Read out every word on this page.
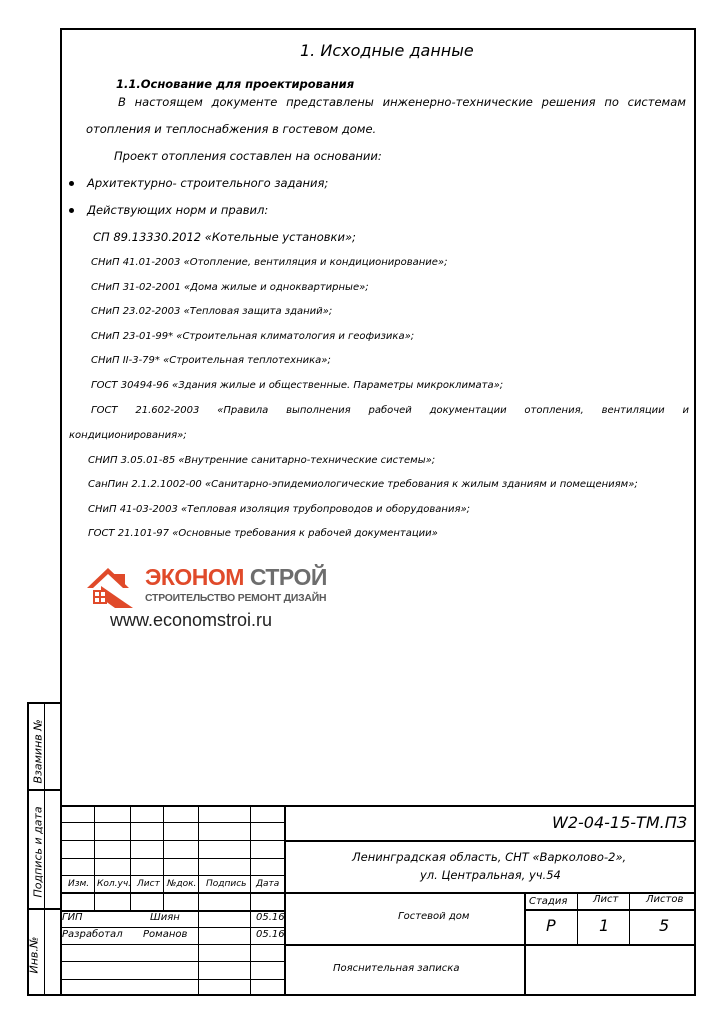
1. Исходные данные
1.1.Основание для проектирования
В настоящем документе представлены инженерно-технические решения по системам
отопления и теплоснабжения в гостевом доме.
Проект отопления составлен на основании:
Архитектурно- строительного задания;
Действующих норм и правил:
СП 89.13330.2012 «Котельные установки»;
СНиП 41.01-2003 «Отопление, вентиляция и кондиционирование»;
СНиП 31-02-2001 «Дома жилые и одноквартирные»;
СНиП 23.02-2003 «Тепловая защита зданий»;
СНиП 23-01-99* «Строительная климатология и геофизика»;
СНиП II-3-79* «Строительная теплотехника»;
ГОСТ 30494-96 «Здания жилые и общественные. Параметры микроклимата»;
ГОСТ 21.602-2003 «Правила выполнения рабочей документации отопления, вентиляции и
кондиционирования»;
СНИП 3.05.01-85 «Внутренние санитарно-технические системы»;
СанПин 2.1.2.1002-00 «Санитарно-эпидемиологические требования к жилым зданиям и помещениям»;
СНиП 41-03-2003 «Тепловая изоляция трубопроводов и оборудования»;
ГОСТ 21.101-97 «Основные требования к рабочей документации»
ЭКОНОМ СТРОЙ
СТРОИТЕЛЬСТВО РЕМОНТ ДИЗАЙН
www.economstroi.ru
Взаминв №
Подпись и дата
Инв.№
Изм. Кол.уч. Лист №док. Подпись Дата
ГИП	Шиян	05.16
Разработал Романов	05.16
W2-04-15-ТМ.ПЗ
Ленинградская область, СНТ «Варколово-2»,
ул. Центральная, уч.54
Гостевой дом
Пояснительная записка
Стадия	Лист	Листов
Р	1	5
